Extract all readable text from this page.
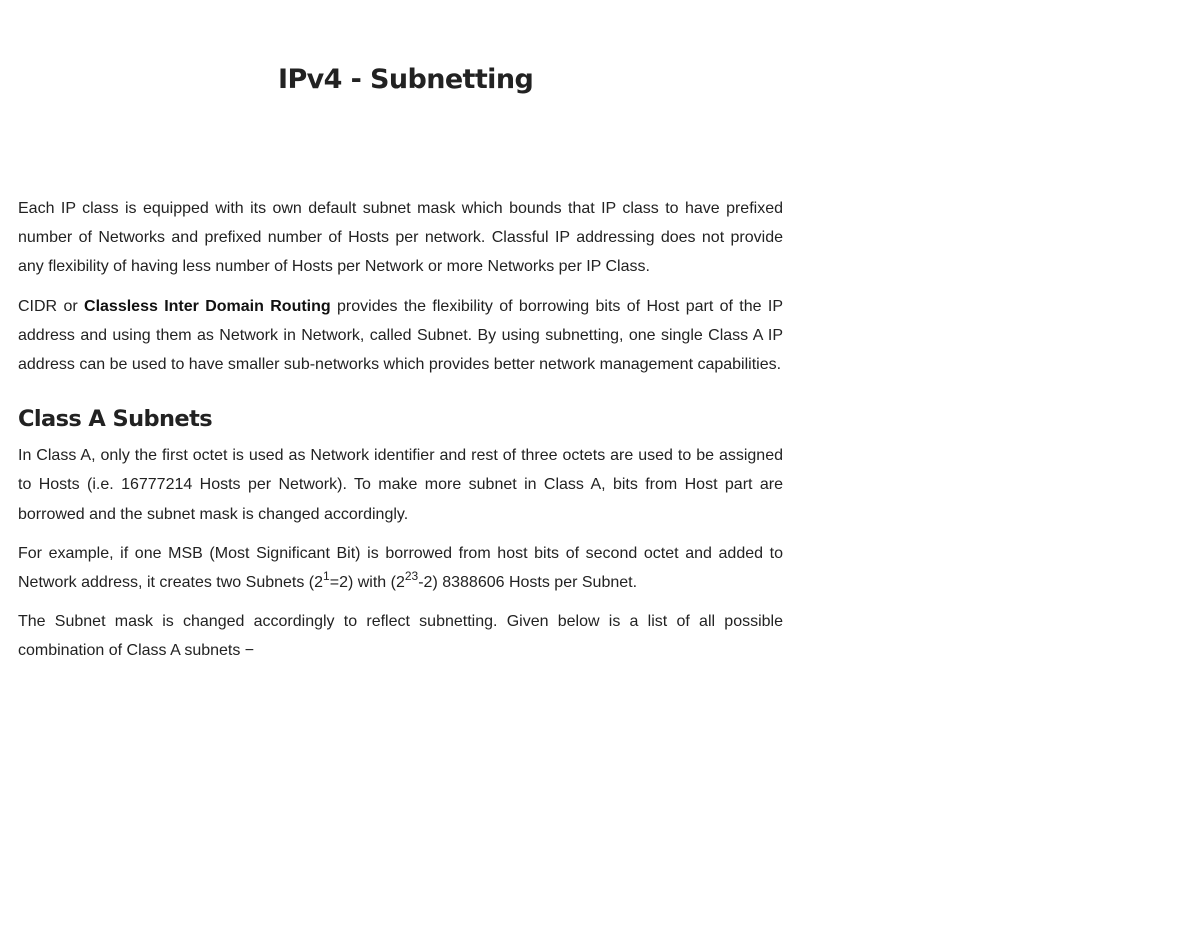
IPv4 - Subnetting

Each IP class is equipped with its own default subnet mask which bounds that IP class to have prefixed number of Networks and prefixed number of Hosts per network. Classful IP addressing does not provide any flexibility of having less number of Hosts per Network or more Networks per IP Class.

CIDR or Classless Inter Domain Routing provides the flexibility of borrowing bits of Host part of the IP address and using them as Network in Network, called Subnet. By using subnetting, one single Class A IP address can be used to have smaller sub-networks which provides better network management capabilities.

Class A Subnets

In Class A, only the first octet is used as Network identifier and rest of three octets are used to be assigned to Hosts (i.e. 16777214 Hosts per Network). To make more subnet in Class A, bits from Host part are borrowed and the subnet mask is changed accordingly.

For example, if one MSB (Most Significant Bit) is borrowed from host bits of second octet and added to Network address, it creates two Subnets $(2^1=2)$ with $(2^{23}-2)$ 8388606 Hosts per Subnet.

The Subnet mask is changed accordingly to reflect subnetting. Given below is a list of all possible combination of Class A subnets −
